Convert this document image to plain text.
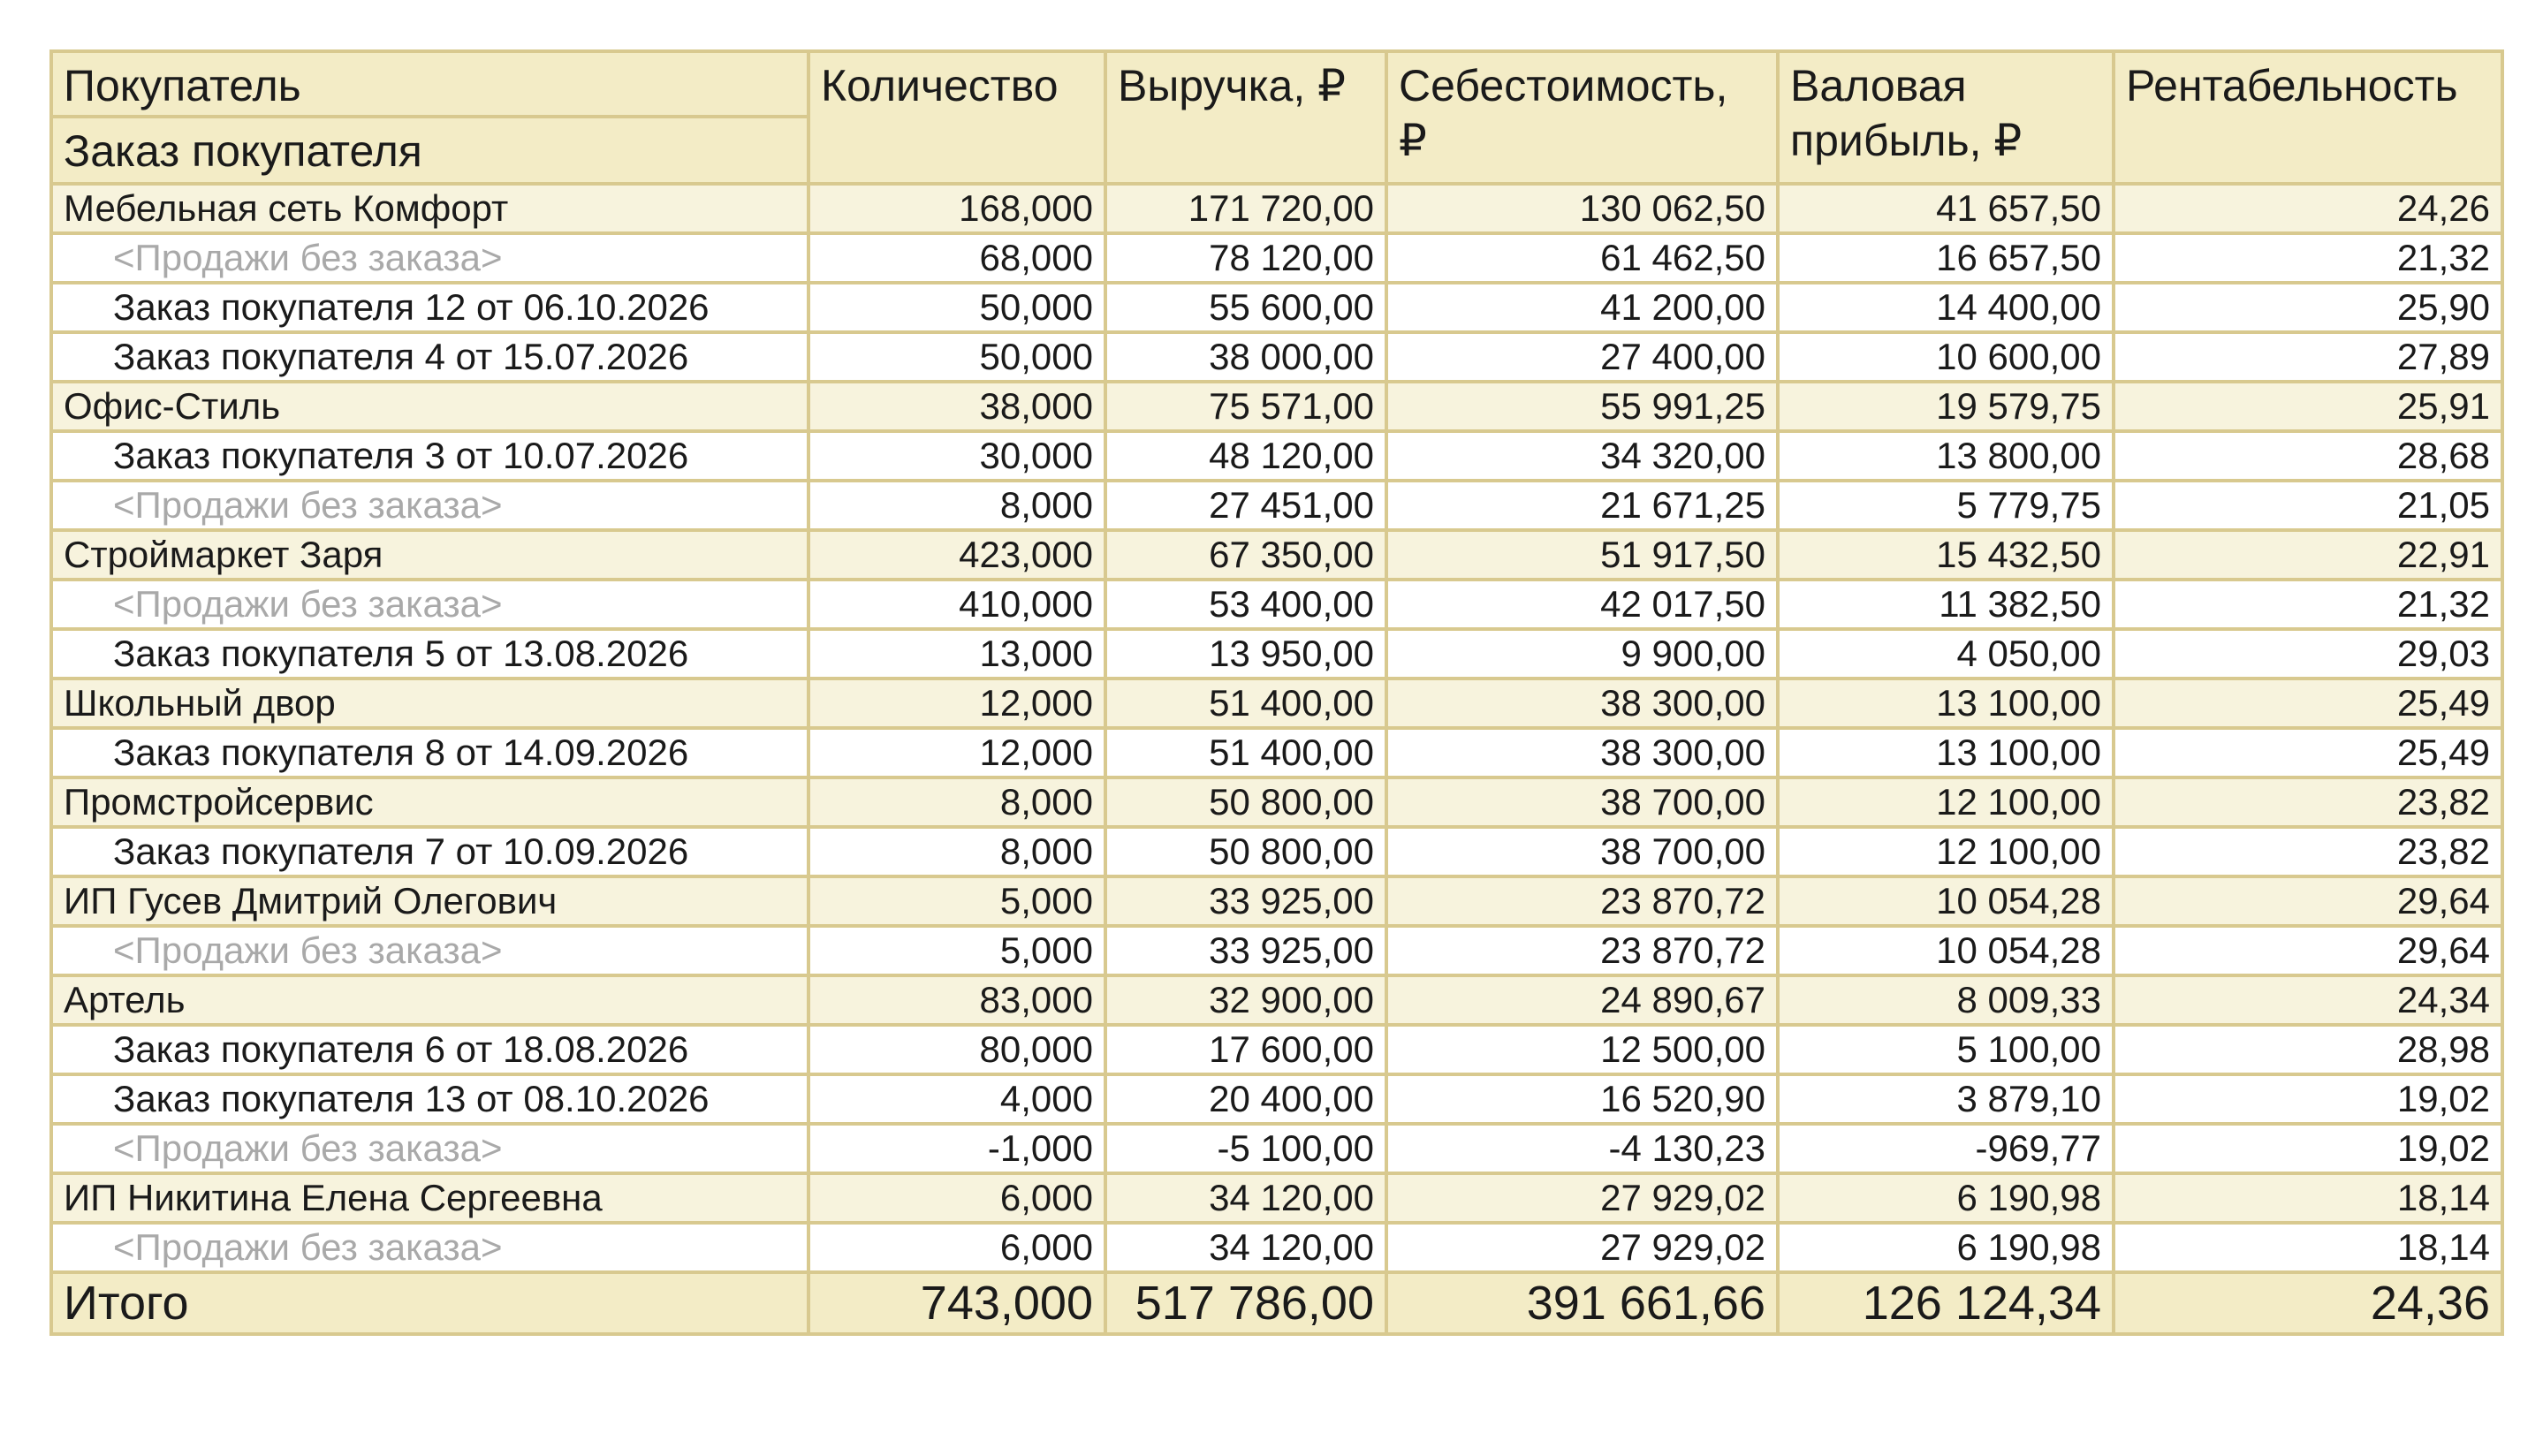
Покупатель	Количество	Выручка, ₽	Себестоимость, ₽	Валовая прибыль, ₽	Рентабельность
Заказ покупателя					
Мебельная сеть Комфорт	168,000	171 720,00	130 062,50	41 657,50	24,26
<Продажи без заказа>	68,000	78 120,00	61 462,50	16 657,50	21,32
Заказ покупателя 12 от 06.10.2026	50,000	55 600,00	41 200,00	14 400,00	25,90
Заказ покупателя 4 от 15.07.2026	50,000	38 000,00	27 400,00	10 600,00	27,89
Офис-Стиль	38,000	75 571,00	55 991,25	19 579,75	25,91
Заказ покупателя 3 от 10.07.2026	30,000	48 120,00	34 320,00	13 800,00	28,68
<Продажи без заказа>	8,000	27 451,00	21 671,25	5 779,75	21,05
Строймаркет Заря	423,000	67 350,00	51 917,50	15 432,50	22,91
<Продажи без заказа>	410,000	53 400,00	42 017,50	11 382,50	21,32
Заказ покупателя 5 от 13.08.2026	13,000	13 950,00	9 900,00	4 050,00	29,03
Школьный двор	12,000	51 400,00	38 300,00	13 100,00	25,49
Заказ покупателя 8 от 14.09.2026	12,000	51 400,00	38 300,00	13 100,00	25,49
Промстройсервис	8,000	50 800,00	38 700,00	12 100,00	23,82
Заказ покупателя 7 от 10.09.2026	8,000	50 800,00	38 700,00	12 100,00	23,82
ИП Гусев Дмитрий Олегович	5,000	33 925,00	23 870,72	10 054,28	29,64
<Продажи без заказа>	5,000	33 925,00	23 870,72	10 054,28	29,64
Артель	83,000	32 900,00	24 890,67	8 009,33	24,34
Заказ покупателя 6 от 18.08.2026	80,000	17 600,00	12 500,00	5 100,00	28,98
Заказ покупателя 13 от 08.10.2026	4,000	20 400,00	16 520,90	3 879,10	19,02
<Продажи без заказа>	-1,000	-5 100,00	-4 130,23	-969,77	19,02
ИП Никитина Елена Сергеевна	6,000	34 120,00	27 929,02	6 190,98	18,14
<Продажи без заказа>	6,000	34 120,00	27 929,02	6 190,98	18,14
Итого	743,000	517 786,00	391 661,66	126 124,34	24,36
